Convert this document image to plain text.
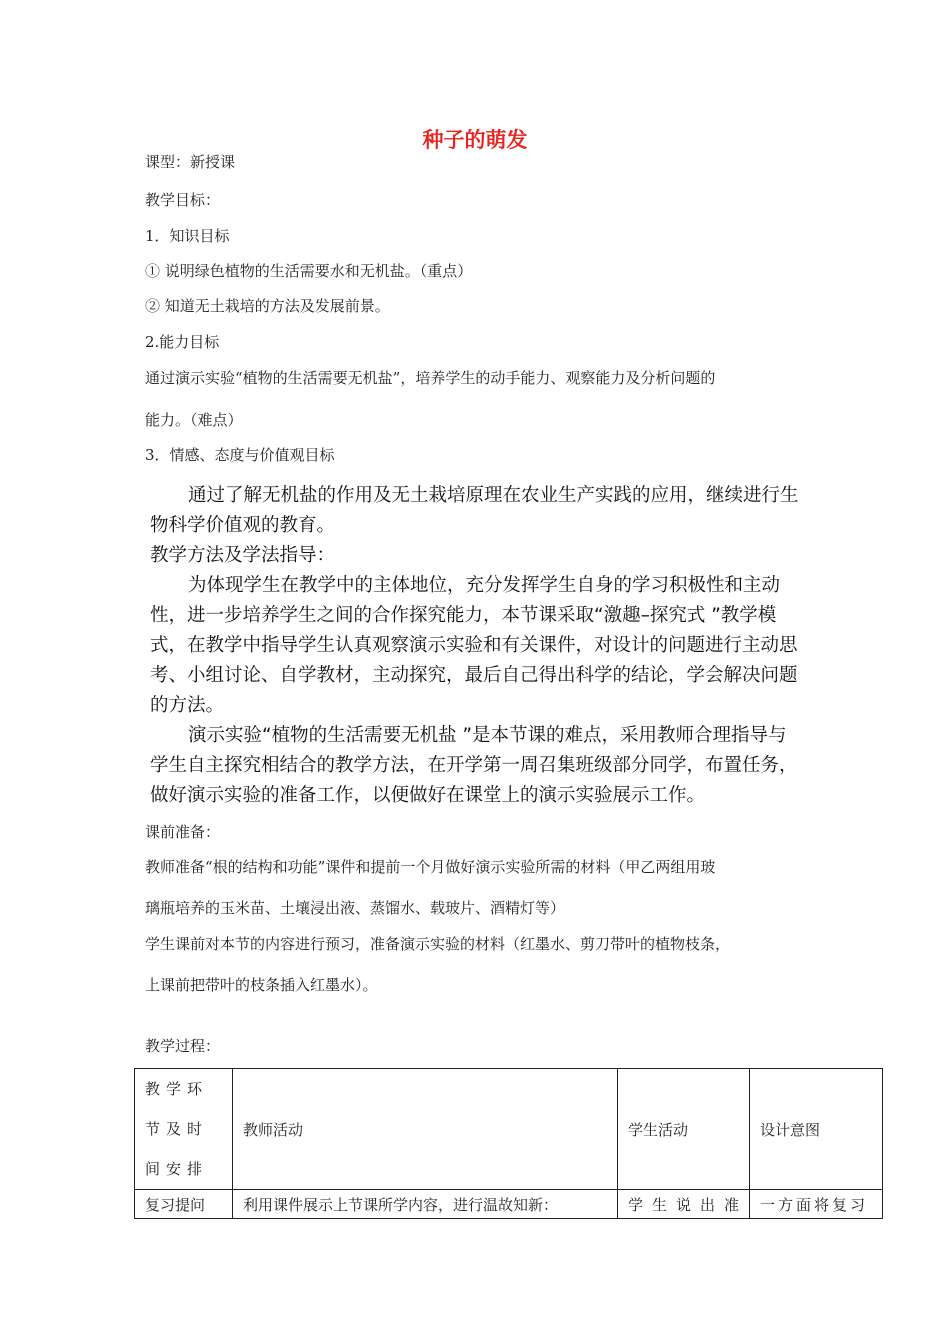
种子的萌发
课型：新授课
教学目标：
1．知识目标
① 说明绿色植物的生活需要水和无机盐。（重点）
② 知道无土栽培的方法及发展前景。
2.能力目标
通过演示实验“植物的生活需要无机盐”，培养学生的动手能力、观察能力及分析问题的
能力。（难点）
3．情感、态度与价值观目标

通过了解无机盐的作用及无土栽培原理在农业生产实践的应用，继续进行生

物科学价值观的教育。

教学方法及学法指导：

为体现学生在教学中的主体地位，充分发挥学生自身的学习积极性和主动

性，进一步培养学生之间的合作探究能力，本节课采取“激趣–探究式 ”教学模

式，在教学中指导学生认真观察演示实验和有关课件，对设计的问题进行主动思

考、小组讨论、自学教材，主动探究，最后自己得出科学的结论，学会解决问题

的方法。

演示实验“植物的生活需要无机盐 ”是本节课的难点，采用教师合理指导与

学生自主探究相结合的教学方法，在开学第一周召集班级部分同学，布置任务，

做好演示实验的准备工作，以便做好在课堂上的演示实验展示工作。

课前准备：
教师准备“根的结构和功能”课件和提前一个月做好演示实验所需的材料（甲乙两组用玻
璃瓶培养的玉米苗、土壤浸出液、蒸馏水、载玻片、酒精灯等）
学生课前对本节的内容进行预习，准备演示实验的材料（红墨水、剪刀带叶的植物枝条，
上课前把带叶的枝条插入红墨水）。
教学过程：
教学环节及时间安排	教师活动	学生活动	设计意图
复习提问	利用课件展示上节课所学内容，进行温故知新：	学生说出准	一方面将复习
